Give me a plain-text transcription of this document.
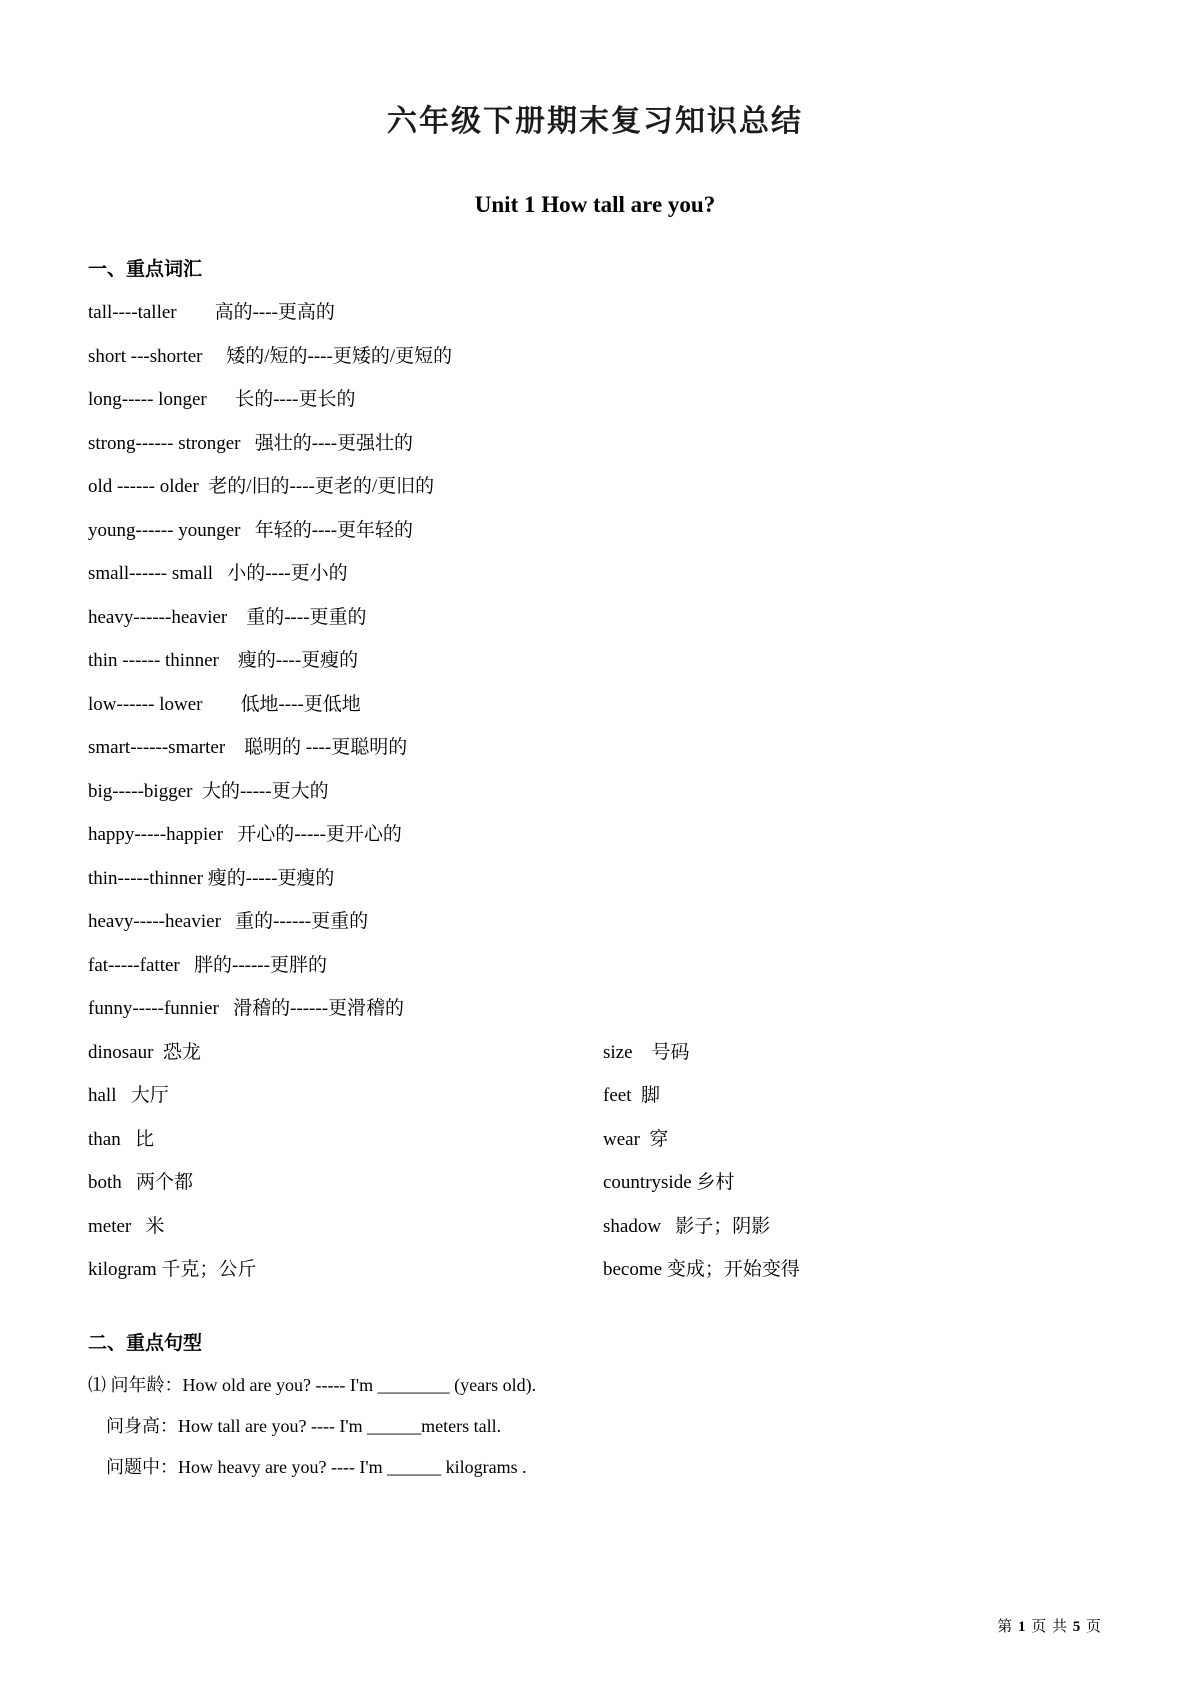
六年级下册期末复习知识总结
Unit 1 How tall are you?
一、重点词汇
tall----taller        高的----更高的
short ---shorter     矮的/短的----更矮的/更短的
long----- longer      长的----更长的
strong------ stronger   强壮的----更强壮的
old ------ older  老的/旧的----更老的/更旧的
young------ younger   年轻的----更年轻的
small------ small   小的----更小的
heavy------heavier    重的----更重的
thin ------ thinner    瘦的----更瘦的
low------ lower        低地----更低地
smart------smarter    聪明的 ----更聪明的
big-----bigger  大的-----更大的
happy-----happier   开心的-----更开心的
thin-----thinner 瘦的-----更瘦的
heavy-----heavier   重的------更重的
fat-----fatter   胖的------更胖的
funny-----funnier   滑稽的------更滑稽的
dinosaur  恐龙
hall   大厅
than   比
both   两个都
meter   米
kilogram 千克；公斤
size    号码
feet  脚
wear  穿
countryside 乡村
shadow   影子；阴影
become 变成；开始变得
二、重点句型
⑴ 问年龄：How old are you? ----- I'm ________ (years old).
问身高：How tall are you? ---- I'm ______meters tall.
问题中：How heavy are you? ---- I'm ______ kilograms .
第 1 页 共 5 页
